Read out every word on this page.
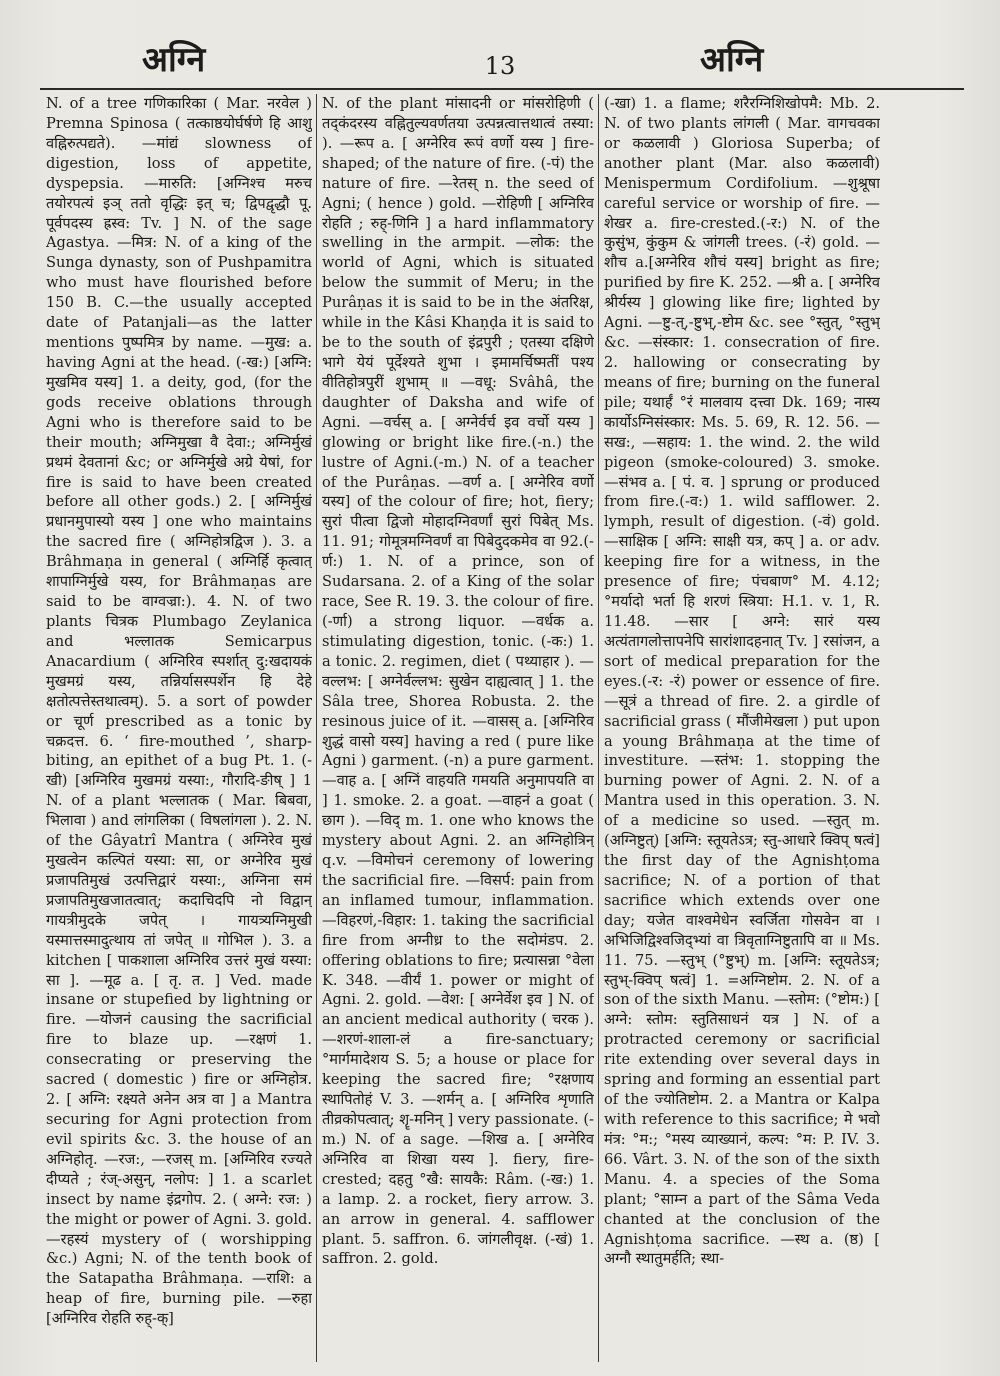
अग्नि	13	अग्नि

N. of a tree गणिकारिका ( Mar. नरवेल ) Premna Spinosa ( तत्काष्ठयोर्घर्षणे हि आशु वह्निरुत्पद्यते). —मांद्यं slowness of digestion, loss of appetite, dyspepsia. —मारुति: [अग्निश्च मरुच तयोरपत्यं इञ् ततो वृद्धिः इत् च; द्विपद्वृद्धौ पू. पूर्वपदस्य ह्रस्व: Tv. ] N. of the sage Agastya. —मित्र: N. of a king of the Sunga dynasty, son of Pushpamitra who must have flourished before 150 B. C.—the usually accepted date of Patanjali—as the latter mentions पुष्पमित्र by name. —मुख: a. having Agni at the head. (-ख:) [अग्नि: मुखमिव यस्य] 1. a deity, god, (for the gods receive oblations through Agni who is therefore said to be their mouth; अग्निमुखा वै देवा:; अग्निर्मुखं प्रथमं देवतानां &c; or अग्निर्मुखे अग्रे येषां, for fire is said to have been created before all other gods.) 2. [ अग्निर्मुखं प्रधानमुपास्यो यस्य ] one who maintains the sacred fire ( अग्निहोत्रद्विज ). 3. a Brâhmaṇa in general ( अग्निर्हि कृत्वात् शापाग्निर्मुखे यस्य, for Brâhmaṇas are said to be वाग्वज्रा:). 4. N. of two plants चित्रक Plumbago Zeylanica and भल्लातक Semicarpus Anacardium ( अग्निरिव स्पर्शात् दु:खदायकं मुखमग्रं यस्य, तन्निर्यासस्पर्शेन हि देहे क्षतोत्पत्तेस्तथात्वम्). 5. a sort of powder or चूर्ण prescribed as a tonic by चक्रदत्त. 6. ‘ fire-mouthed ’, sharp-biting, an epithet of a bug Pt. 1. (-खी) [अग्निरिव मुखमग्रं यस्या:, गौरादि-ङीष् ] 1 N. of a plant भल्लातक ( Mar. बिबवा, भिलावा ) and लांगलिका ( विषलांगला ). 2. N. of the Gâyatrî Mantra ( अग्निरेव मुखं मुखत्वेन कल्पितं यस्या: सा, or अग्नेरिव मुखं प्रजापतिमुखं उत्पत्तिद्वारं यस्या:, अग्निना समं प्रजापतिमुखजातत्वात्; कदाचिदपि नो विद्वान् गायत्रीमुदके जपेत् । गायत्र्यग्निमुखी यस्मात्तस्मादुत्थाय तां जपेत् ॥ गोभिल ). 3. a kitchen [ पाकशाला अग्निरिव उत्तरं मुखं यस्या: सा ]. —मूढ a. [ तृ. त. ] Ved. made insane or stupefied by lightning or fire. —योजनं causing the sacrificial fire to blaze up. —रक्षणं 1. consecrating or preserving the sacred ( domestic ) fire or अग्निहोत्र. 2. [ अग्नि: रक्ष्यते अनेन अत्र वा ] a Mantra securing for Agni protection from evil spirits &c. 3. the house of an अग्निहोतृ. —रज:, —रजस् m. [अग्निरिव रज्यते दीप्यते ; रंज्-असुन्, नलोप: ] 1. a scarlet insect by name इंद्रगोप. 2. ( अग्ने: रज: ) the might or power of Agni. 3. gold. —रहस्यं mystery of ( worshipping &c.) Agni; N. of the tenth book of the Satapatha Brâhmaṇa. —राशि: a heap of fire, burning pile. —रुहा [अग्निरिव रोहति रुह्-क्]

N. of the plant मांसादनी or मांसरोहिणी ( तद्कंदरस्य वह्नितुल्यवर्णतया उत्पन्नत्वात्तथात्वं तस्या: ). —रूप a. [ अग्नेरिव रूपं वर्णो यस्य ] fire-shaped; of the nature of fire. (-पं) the nature of fire. —रेतस् n. the seed of Agni; ( hence ) gold. —रोहिणी [ अग्निरिव रोहति ; रुह्-णिनि ] a hard inflammatory swelling in the armpit. —लोक: the world of Agni, which is situated below the summit of Meru; in the Purâṇas it is said to be in the अंतरिक्ष, while in the Kâsi Khaṇḍa it is said to be to the south of इंद्रपुरी ; एतस्या दक्षिणे भागे येयं पूर्देश्यते शुभा । इमामर्चिष्मतीं पश्य वीतिहोत्रपुरीं शुभाम् ॥ —वधू: Svâhâ, the daughter of Daksha and wife of Agni. —वर्चस् a. [ अग्नेर्वर्च इव वर्चो यस्य ] glowing or bright like fire.(-n.) the lustre of Agni.(-m.) N. of a teacher of the Purâṇas. —वर्ण a. [ अग्नेरिव वर्णो यस्य] of the colour of fire; hot, fiery; सुरां पीत्वा द्विजो मोहादग्निवर्णां सुरां पिबेत् Ms. 11. 91; गोमूत्रमग्निवर्णं वा पिबेदुदकमेव वा 92.(-र्ण:) 1. N. of a prince, son of Sudarsana. 2. of a King of the solar race, See R. 19. 3. the colour of fire. (-र्णा) a strong liquor. —वर्धक a. stimulating digestion, tonic. (-क:) 1. a tonic. 2. regimen, diet ( पथ्याहार ). —वल्लभ: [ अग्नेर्वल्लभ: सुखेन दाह्यत्वात् ] 1. the Sâla tree, Shorea Robusta. 2. the resinous juice of it. —वासस् a. [अग्निरिव शुद्धं वासो यस्य] having a red ( pure like Agni ) garment. (-n) a pure garment. —वाह a. [ अग्निं वाहयति गमयति अनुमापयति वा ] 1. smoke. 2. a goat. —वाहनं a goat ( छाग ). —विद् m. 1. one who knows the mystery about Agni. 2. an अग्निहोत्रिन् q.v. —विमोचनं ceremony of lowering the sacrificial fire. —विसर्प: pain from an inflamed tumour, inflammation. —विहरणं,-विहार: 1. taking the sacrificial fire from अग्नीध्र to the सदोमंडप. 2. offering oblations to fire; प्रत्यासन्ना °वेला K. 348. —वीर्यं 1. power or might of Agni. 2. gold. —वेश: [ अग्नेर्वेश इव ] N. of an ancient medical authority ( चरक ). —शरणं-शाला-लं a fire-sanctuary; °मार्गमादेशय S. 5; a house or place for keeping the sacred fire; °रक्षणाय स्थापितोहं V. 3. —शर्मन् a. [ अग्निरिव शृणाति तीव्रकोपत्वात्; शॄ-मनिन् ] very passionate. (-m.) N. of a sage. —शिख a. [ अग्नेरिव अग्निरिव वा शिखा यस्य ]. fiery, fire-crested; दहतु °खै: सायकै: Râm. (-ख:) 1. a lamp. 2. a rocket, fiery arrow. 3. an arrow in general. 4. safflower plant. 5. saffron. 6. जांगलीवृक्ष. (-खं) 1. saffron. 2. gold.

(-खा) 1. a flame; शरैरग्निशिखोपमै: Mb. 2. N. of two plants लांगली ( Mar. वागचवका or कळलावी ) Gloriosa Superba; of another plant (Mar. also कळलावी) Menispermum Cordifolium. —शुश्रूषा careful service or worship of fire. —शेखर a. fire-crested.(-र:) N. of the कुसुंभ, कुंकुम & जांगली trees. (-रं) gold. —शौच a.[अग्नेरिव शौचं यस्य] bright as fire; purified by fire K. 252. —श्री a. [ अग्नेरिव श्रीर्यस्य ] glowing like fire; lighted by Agni. —ष्टु-त्,-ष्टुभ्,-ष्टोम &c. see °स्तुत्, °स्तुभ् &c. —संस्कार: 1. consecration of fire. 2. hallowing or consecrating by means of fire; burning on the funeral pile; यथार्हं °रं मालवाय दत्त्वा Dk. 169; नास्य कार्योऽग्निसंस्कार: Ms. 5. 69, R. 12. 56. —सख:, —सहाय: 1. the wind. 2. the wild pigeon (smoke-coloured) 3. smoke. —संभव a. [ पं. व. ] sprung or produced from fire.(-व:) 1. wild safflower. 2. lymph, result of digestion. (-वं) gold. —साक्षिक [ अग्नि: साक्षी यत्र, कप् ] a. or adv. keeping fire for a witness, in the presence of fire; पंचबाण° M. 4.12; °मर्यादो भर्ता हि शरणं स्त्रिया: H.1. v. 1, R. 11.48. —सार [ अग्ने: सारं यस्य अत्यंतागलोत्तापनेपि सारांशादहनात् Tv. ] रसांजन, a sort of medical preparation for the eyes.(-र: -रं) power or essence of fire. —सूत्रं a thread of fire. 2. a girdle of sacrificial grass ( मौंजीमेखला ) put upon a young Brâhmaṇa at the time of investiture. —स्तंभ: 1. stopping the burning power of Agni. 2. N. of a Mantra used in this operation. 3. N. of a medicine so used. —स्तुत् m. (अग्निष्टुत्) [अग्नि: स्तूयतेऽत्र; स्तु-आधारे क्विप् षत्वं] the first day of the Agnishṭoma sacrifice; N. of a portion of that sacrifice which extends over one day; यजेत वाश्वमेधेन स्वर्जिता गोसवेन वा । अभिजिद्विश्वजिद्भ्यां वा त्रिवृताग्निष्टुतापि वा ॥ Ms. 11. 75. —स्तुभ् (°ष्टुभ्) m. [अग्नि: स्तूयतेऽत्र; स्तुभ्-क्विप् षत्वं] 1. =अग्निष्टोम. 2. N. of a son of the sixth Manu. —स्तोम: (°ष्टोम:) [ अग्ने: स्तोम: स्तुतिसाधनं यत्र ] N. of a protracted ceremony or sacrificial rite extending over several days in spring and forming an essential part of the ज्योतिष्टोम. 2. a Mantra or Kalpa with reference to this sacrifice; मे भवो मंत्र: °म:; °मस्य व्याख्यानं, कल्प: °म: P. IV. 3. 66. Vârt. 3. N. of the son of the sixth Manu. 4. a species of the Soma plant; °साम्न a part of the Sâma Veda chanted at the conclusion of the Agnishṭoma sacrifice. —स्थ a. (ष्ठ) [ अग्नौ स्थातुमर्हति; स्था-
